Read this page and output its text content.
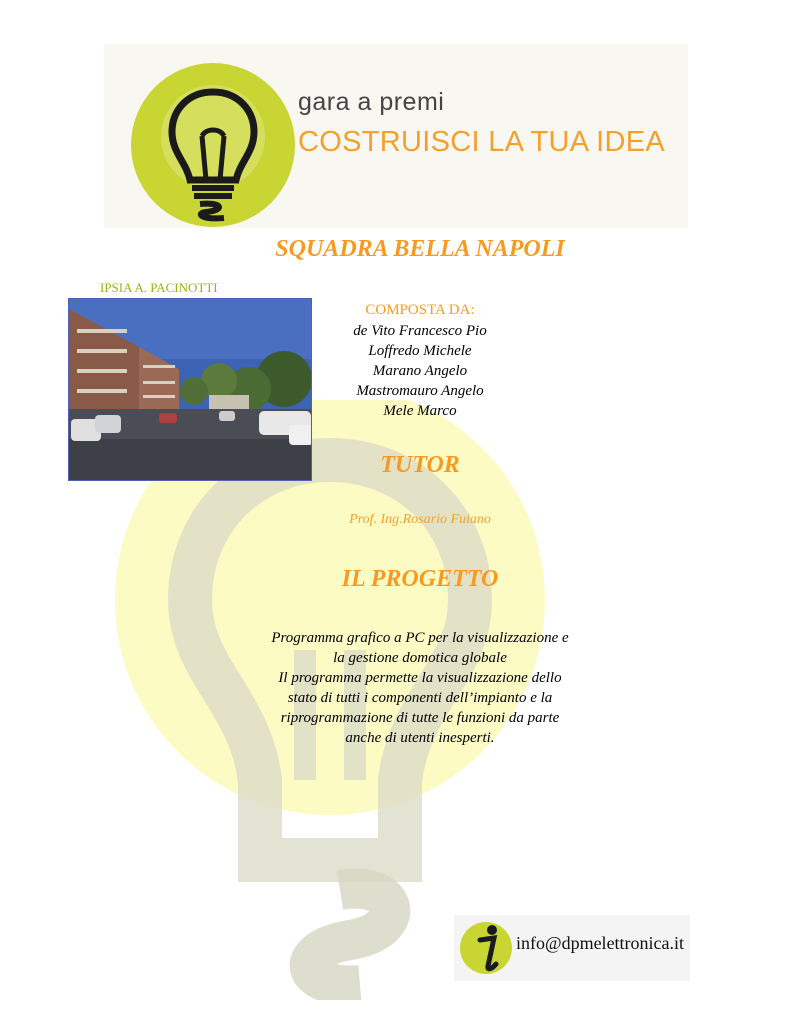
gara a premi
COSTRUISCI LA TUA IDEA
SQUADRA BELLA NAPOLI
IPSIA A. PACINOTTI
COMPOSTA DA:
de Vito Francesco Pio
Loffredo Michele
Marano Angelo
Mastromauro Angelo
Mele Marco
TUTOR
Prof. Ing.Rosario Fuiano
IL PROGETTO
Programma grafico a PC per la visualizzazione e
la gestione domotica globale
Il programma permette la visualizzazione dello
stato di tutti i componenti dell’impianto e la
riprogrammazione di tutte le funzioni da parte
anche di utenti inesperti.
info@dpmelettronica.it
